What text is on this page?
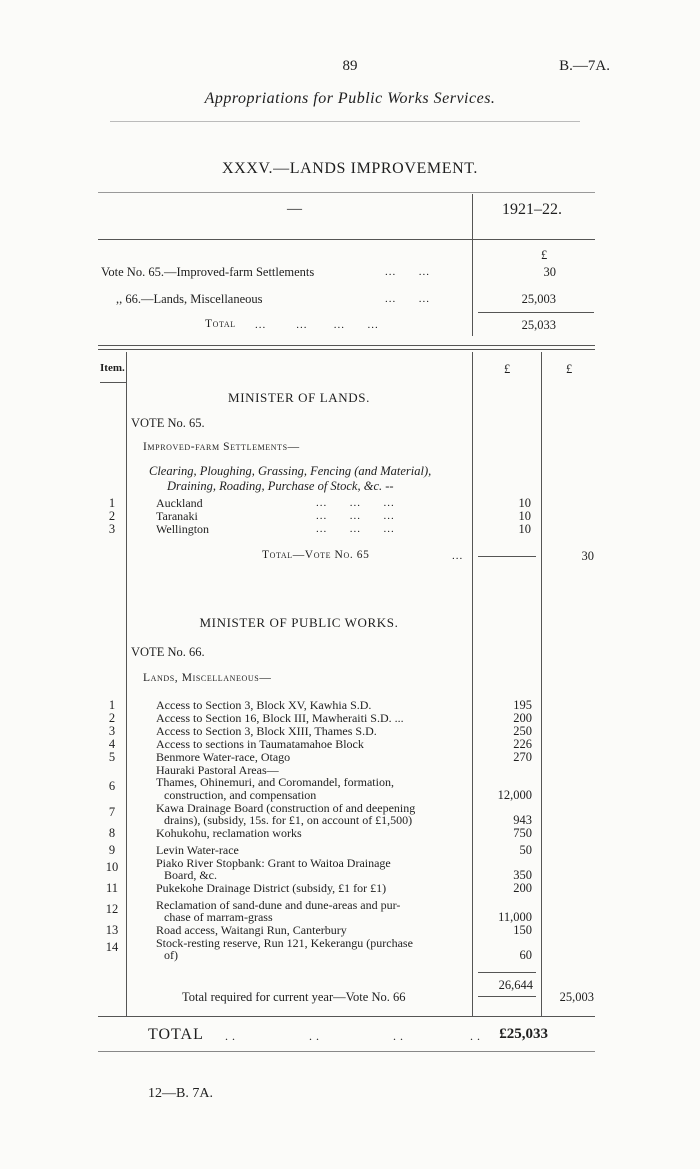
89	B.—7A.
Appropriations for Public Works Services.
XXXV.—LANDS IMPROVEMENT.
—	1921–22.
£
Vote No. 65.—Improved-farm Settlements	...      ...	30
,, 66.—Lands, Miscellaneous	...      ...	25,003
Total ...        ...       ...      ...	25,033
Item.	£	£
MINISTER OF LANDS.
VOTE No. 65.
Improved-farm Settlements—
Clearing, Ploughing, Grassing, Fencing (and Material),
Draining, Roading, Purchase of Stock, &c. --
1	Auckland	...      ...      ...	10
2	Taranaki	...      ...      ...	10
3	Wellington	...      ...      ...	10
Total—Vote No. 65	...	30
MINISTER OF PUBLIC WORKS.
VOTE No. 66.
Lands, Miscellaneous—
1	Access to Section 3, Block XV, Kawhia S.D.	195
2	Access to Section 16, Block III, Mawheraiti S.D. ...	200
3	Access to Section 3, Block XIII, Thames S.D.	250
4	Access to sections in Taumatamahoe Block	226
5	Benmore Water-race, Otago	270
Hauraki Pastoral Areas—
6	Thames, Ohinemuri, and Coromandel, formation,
construction, and compensation	12,000
7	Kawa Drainage Board (construction of and deepening
drains), (subsidy, 15s. for £1, on account of £1,500)	943
8	Kohukohu, reclamation works	750
9	Levin Water-race	50
10	Piako River Stopbank: Grant to Waitoa Drainage
Board, &c.	350
11	Pukekohe Drainage District (subsidy, £1 for £1)	200
12	Reclamation of sand-dune and dune-areas and pur-
chase of marram-grass	11,000
13	Road access, Waitangi Run, Canterbury	150
14	Stock-resting reserve, Run 121, Kekerangu (purchase
of)	60
26,644
Total required for current year—Vote No. 66	25,003
TOTAL ..          ..          ..         ..	£25,033
12—B. 7A.
